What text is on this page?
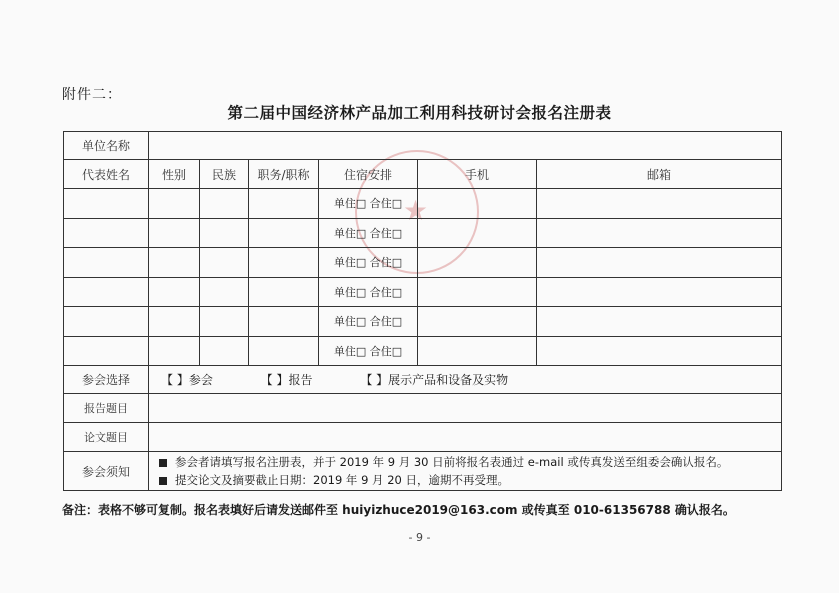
附件二：
第二届中国经济林产品加工利用科技研讨会报名注册表
★
单位名称						
代表姓名	性别	民族	职务/职称	住宿安排	手机	邮箱
				单住□ 合住□		
				单住□ 合住□		
				单住□ 合住□		
				单住□ 合住□		
				单住□ 合住□		
				单住□ 合住□		
参会选择	【 】参会 【 】报告 【 】展示产品和设备及实物					
报告题目						
论文题目						
参会须知	参会者请填写报名注册表，并于 2019 年 9 月 30 日前将报名表通过 e-mail 或传真发送至组委会确认报名。
提交论文及摘要截止日期：2019 年 9 月 20 日，逾期不再受理。					
备注：表格不够可复制。报名表填好后请发送邮件至 huiyizhuce2019@163.com 或传真至 010-61356788 确认报名。
- 9 -
